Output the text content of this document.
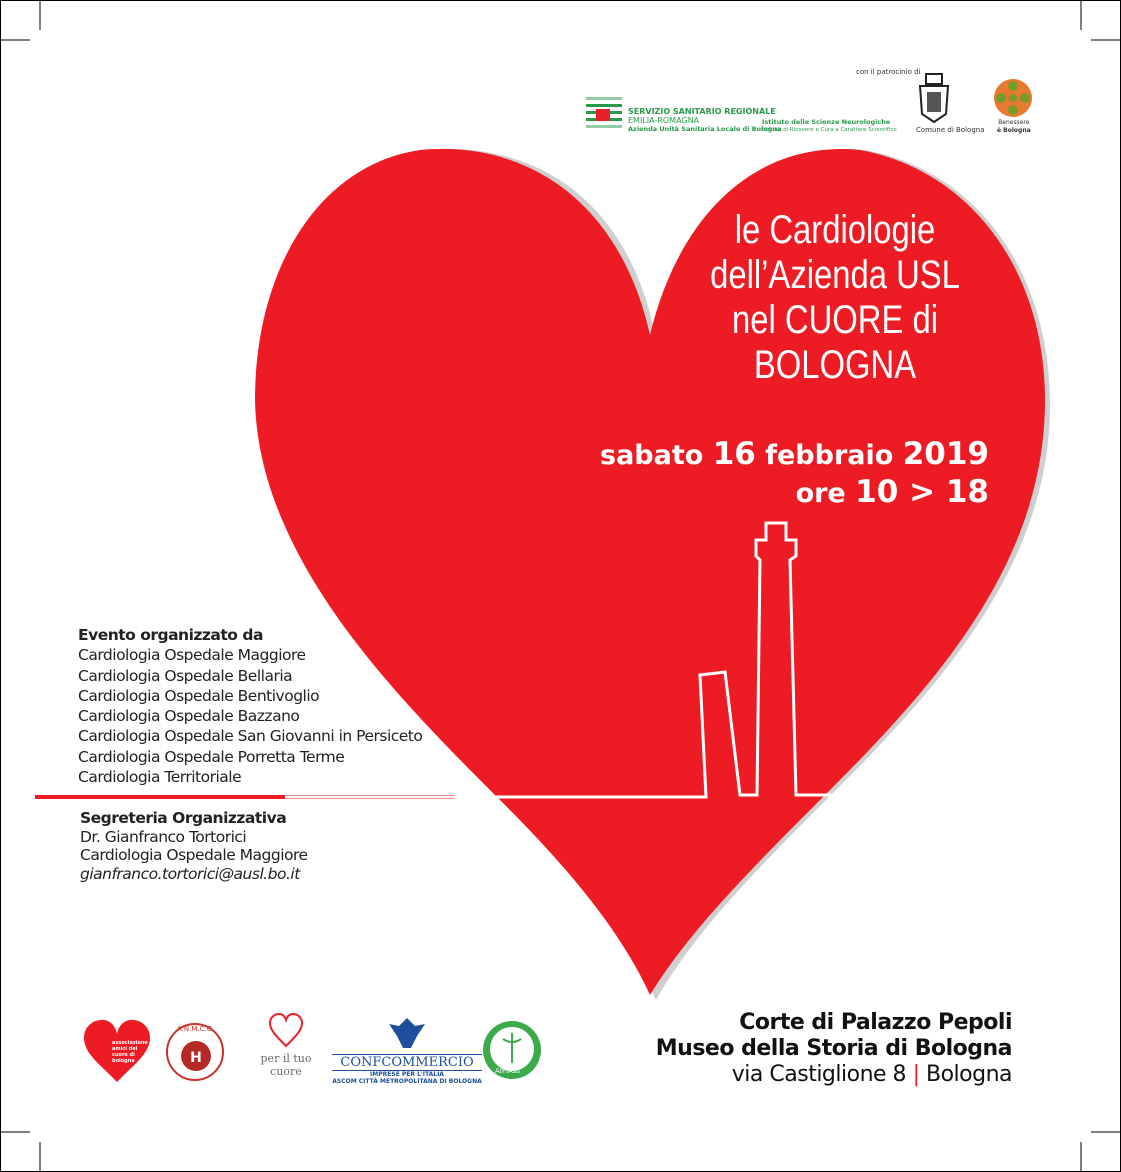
SERVIZIO SANITARIO REGIONALE
EMILIA-ROMAGNA
Azienda Unità Sanitaria Locale di Bologna
Istituto delle Scienze Neurologiche
Istituto di Ricovero e Cura a Carattere Scientifico
con il patrocinio di
Comune di Bologna
Benessere
è Bologna
le Cardiologie
dell’Azienda USL
nel CUORE di
BOLOGNA
sabato 16 febbraio 2019
ore 10 > 18
Evento organizzato da
Cardiologia Ospedale Maggiore
Cardiologia Ospedale Bellaria
Cardiologia Ospedale Bentivoglio
Cardiologia Ospedale Bazzano
Cardiologia Ospedale San Giovanni in Persiceto
Cardiologia Ospedale Porretta Terme
Cardiologia Territoriale
Segreteria Organizzativa
Dr. Gianfranco Tortorici
Cardiologia Ospedale Maggiore
gianfranco.tortorici@ausl.bo.it
associazione amici del cuore di bologna	H
A.N.M.C.O.
per il tuo cuore
CONFCOMMERCIO
IMPRESE PER L'ITALIA
ASCOM CITTÀ METROPOLITANA DI BOLOGNA
AIFIAss
Corte di Palazzo Pepoli
Museo della Storia di Bologna
via Castiglione 8 | Bologna
